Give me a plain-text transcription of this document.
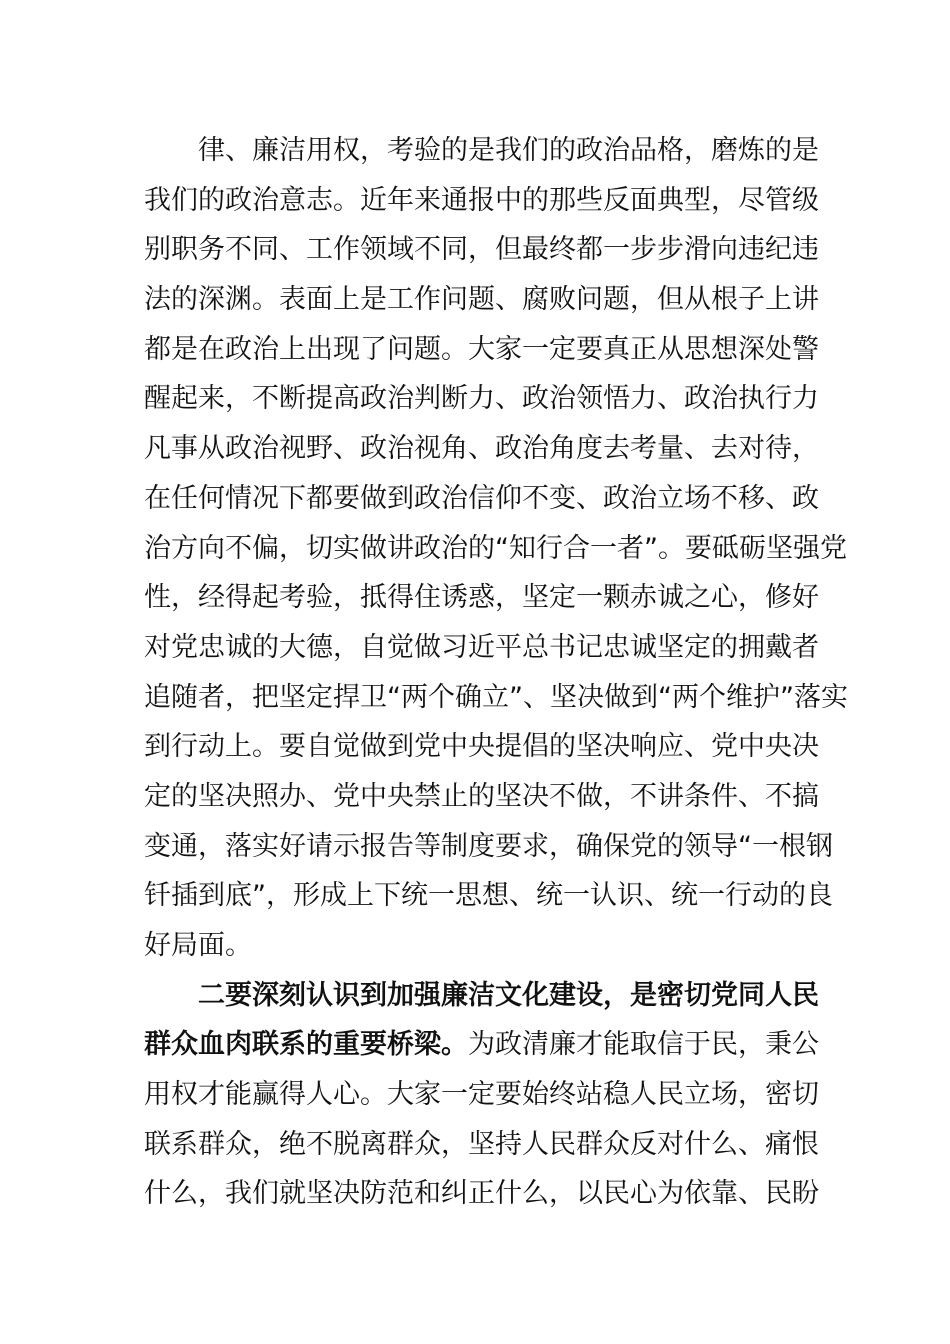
律、廉洁用权，考验的是我们的政治品格，磨炼的是
我们的政治意志。近年来通报中的那些反面典型，尽管级
别职务不同、工作领域不同，但最终都一步步滑向违纪违
法的深渊。表面上是工作问题、腐败问题，但从根子上讲
都是在政治上出现了问题。大家一定要真正从思想深处警
醒起来，不断提高政治判断力、政治领悟力、政治执行力
凡事从政治视野、政治视角、政治角度去考量、去对待，
在任何情况下都要做到政治信仰不变、政治立场不移、政
治方向不偏，切实做讲政治的“知行合一者”。要砥砺坚强党
性，经得起考验，抵得住诱惑，坚定一颗赤诚之心，修好
对党忠诚的大德，自觉做习近平总书记忠诚坚定的拥戴者
追随者，把坚定捍卫“两个确立”、坚决做到“两个维护”落实
到行动上。要自觉做到党中央提倡的坚决响应、党中央决
定的坚决照办、党中央禁止的坚决不做，不讲条件、不搞
变通，落实好请示报告等制度要求，确保党的领导“一根钢
钎插到底”，形成上下统一思想、统一认识、统一行动的良
好局面。
二要深刻认识到加强廉洁文化建设，是密切党同人民
群众血肉联系的重要桥梁。为政清廉才能取信于民，秉公
用权才能赢得人心。大家一定要始终站稳人民立场，密切
联系群众，绝不脱离群众，坚持人民群众反对什么、痛恨
什么，我们就坚决防范和纠正什么，以民心为依靠、民盼
